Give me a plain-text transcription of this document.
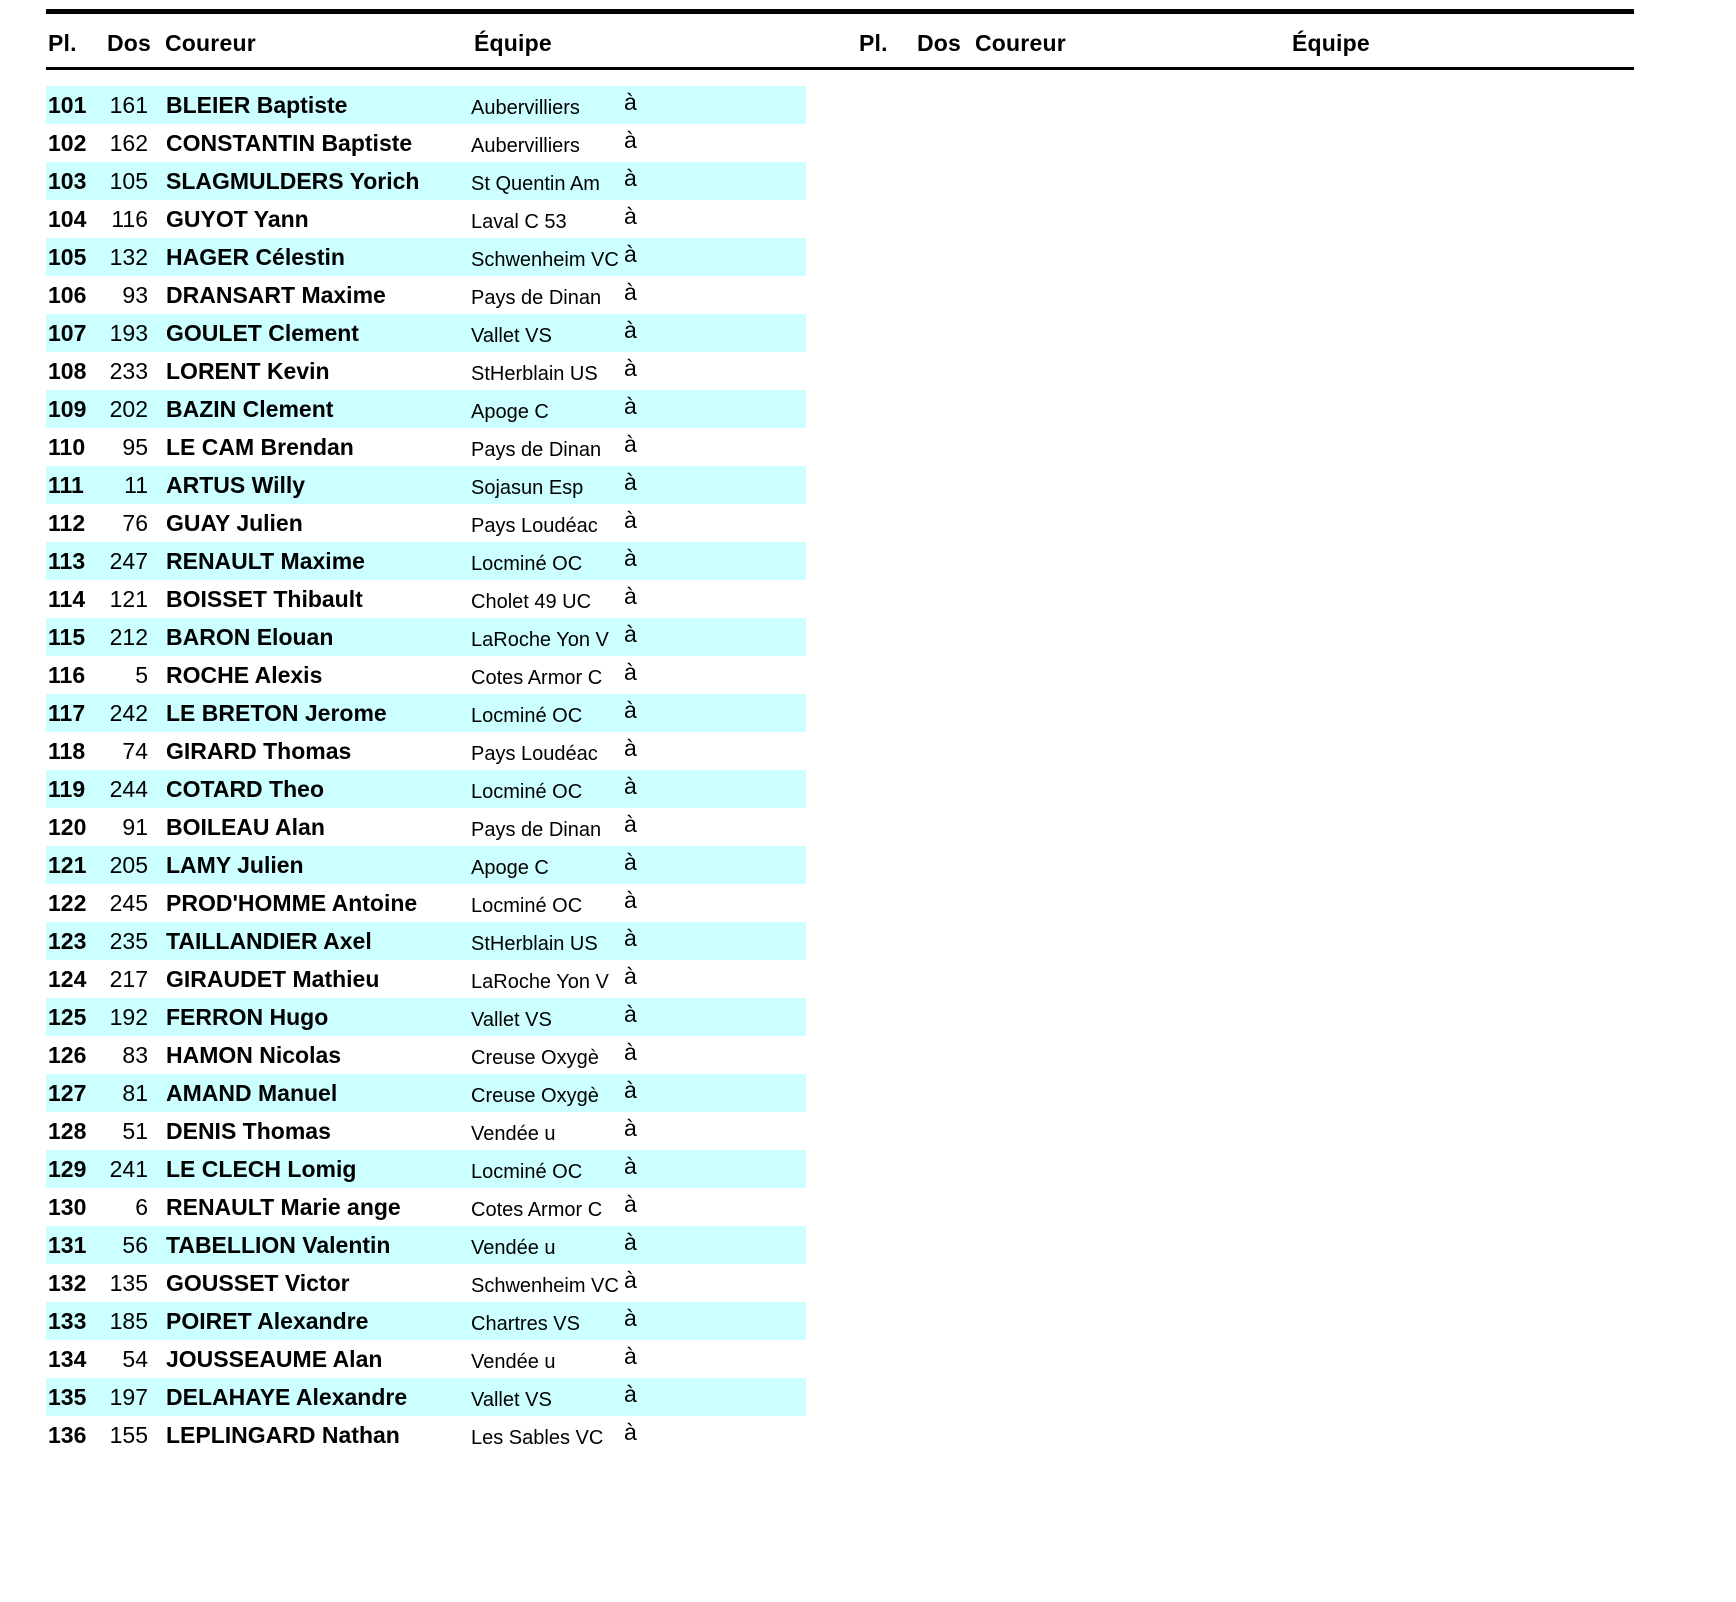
Pl. Dos Coureur	Équipe	Pl. Dos Coureur	Équipe
101	161 BLEIER Baptiste	Aubervilliers à
102	162 CONSTANTIN Baptiste	Aubervilliers à
103	105 SLAGMULDERS Yorich	St Quentin Am à
104	116 GUYOT Yann	Laval C 53 à
105	132 HAGER Célestin	Schwenheim VC à
106	93 DRANSART Maxime	Pays de Dinan à
107	193 GOULET Clement	Vallet VS	à
108	233 LORENT Kevin	StHerblain US à
109	202 BAZIN Clement	Apoge C	à
110	95 LE CAM Brendan	Pays de Dinan à
111	11 ARTUS Willy	Sojasun Esp à
112	76 GUAY Julien	Pays Loudéac à
113	247 RENAULT Maxime	Locminé OC à
114	121 BOISSET Thibault	Cholet 49 UC à
115	212 BARON Elouan	LaRoche Yon V à
116	5 ROCHE Alexis	Cotes Armor C à
117	242 LE BRETON Jerome	Locminé OC à
118	74 GIRARD Thomas	Pays Loudéac à
119	244 COTARD Theo	Locminé OC à
120	91 BOILEAU Alan	Pays de Dinan à
121	205 LAMY Julien	Apoge C	à
122	245 PROD'HOMME Antoine	Locminé OC à
123	235 TAILLANDIER Axel	StHerblain US à
124	217 GIRAUDET Mathieu	LaRoche Yon V à
125	192 FERRON Hugo	Vallet VS	à
126	83 HAMON Nicolas	Creuse Oxygè à
127	81 AMAND Manuel	Creuse Oxygè à
128	51 DENIS Thomas	Vendée u	à
129	241 LE CLECH Lomig	Locminé OC à
130	6 RENAULT Marie ange	Cotes Armor C à
131	56 TABELLION Valentin	Vendée u	à
132	135 GOUSSET Victor	Schwenheim VC à
133	185 POIRET Alexandre	Chartres VS à
134	54 JOUSSEAUME Alan	Vendée u	à
135	197 DELAHAYE Alexandre	Vallet VS	à
136	155 LEPLINGARD Nathan	Les Sables VC à
